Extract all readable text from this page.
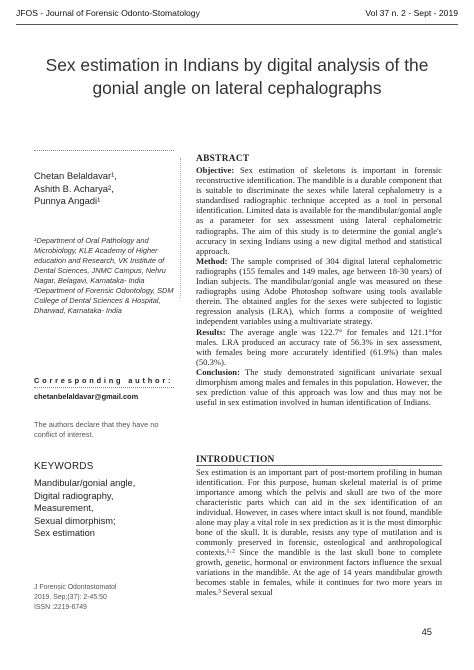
JFOS - Journal of Forensic Odonto-Stomatology	Vol 37 n. 2 - Sept - 2019
Sex estimation in Indians by digital analysis of the gonial angle on lateral cephalographs
Chetan Belaldavar¹,
Ashith B. Acharya²,
Punnya Angadi¹
¹Department of Oral Pathology and Microbiology, KLE Academy of Higher education and Research, VK Institute of Dental Sciences, JNMC Campus, Nehru Nagar, Belagavi, Karnataka- India ²Department of Forensic Odontology, SDM College of Dental Sciences & Hospital, Dharwad, Karnataka- India
Corresponding author:
chetanbelaldavar@gmail.com
The authors declare that they have no conflict of interest.
KEYWORDS
Mandibular/gonial angle,
Digital radiography,
Measurement,
Sexual dimorphism;
Sex estimation
J Forensic Odontostomatol
2019. Sep;(37): 2-45:50
ISSN :2219-6749
ABSTRACT

Objective: Sex estimation of skeletons is important in forensic reconstructive identification. The mandible is a durable component that is suitable to discriminate the sexes while lateral cephalometry is a standardised radiographic technique accepted as a tool in personal identification. Limited data is available for the mandibular/gonial angle as a parameter for sex assessment using lateral cephalometric radiographs. The aim of this study is to determine the gonial angle's accuracy in sexing Indians using a new digital method and statistical approach.

Method: The sample comprised of 304 digital lateral cephalometric radiographs (155 females and 149 males, age between 18-30 years) of Indian subjects. The mandibular/gonial angle was measured on these radiographs using Adobe Photoshop software using tools available therein. The obtained angles for the sexes were subjected to logistic regression analysis (LRA), which forms a composite of weighted independent variables using a multivariate strategy.

Results: The average angle was 122.7° for females and 121.1°for males. LRA produced an accuracy rate of 56.3% in sex assessment, with females being more accurately identified (61.9%) than males (50.3%).

Conclusion: The study demonstrated significant univariate sexual dimorphism among males and females in this population. However, the sex prediction value of this approach was low and thus may not be useful in sex estimation involved in human identification of Indians.

INTRODUCTION

Sex estimation is an important part of post-mortem profiling in human identification. For this purpose, human skeletal material is of prime importance among which the pelvis and skull are two of the more characteristic parts which can aid in the sex identification of an individual. However, in cases where intact skull is not found, mandible alone may play a vital role in sex prediction as it is the most dimorphic bone of the skull. It is durable, resists any type of mutilation and is commonly preserved in forensic, osteological and anthropological contexts.¹·² Since the mandible is the last skull bone to complete growth, genetic, hormonal or environment factors influence the sexual variations in the mandible. At the age of 14 years mandibular growth becomes stable in females, while it continues for two more years in males.³ Several sexual

45
